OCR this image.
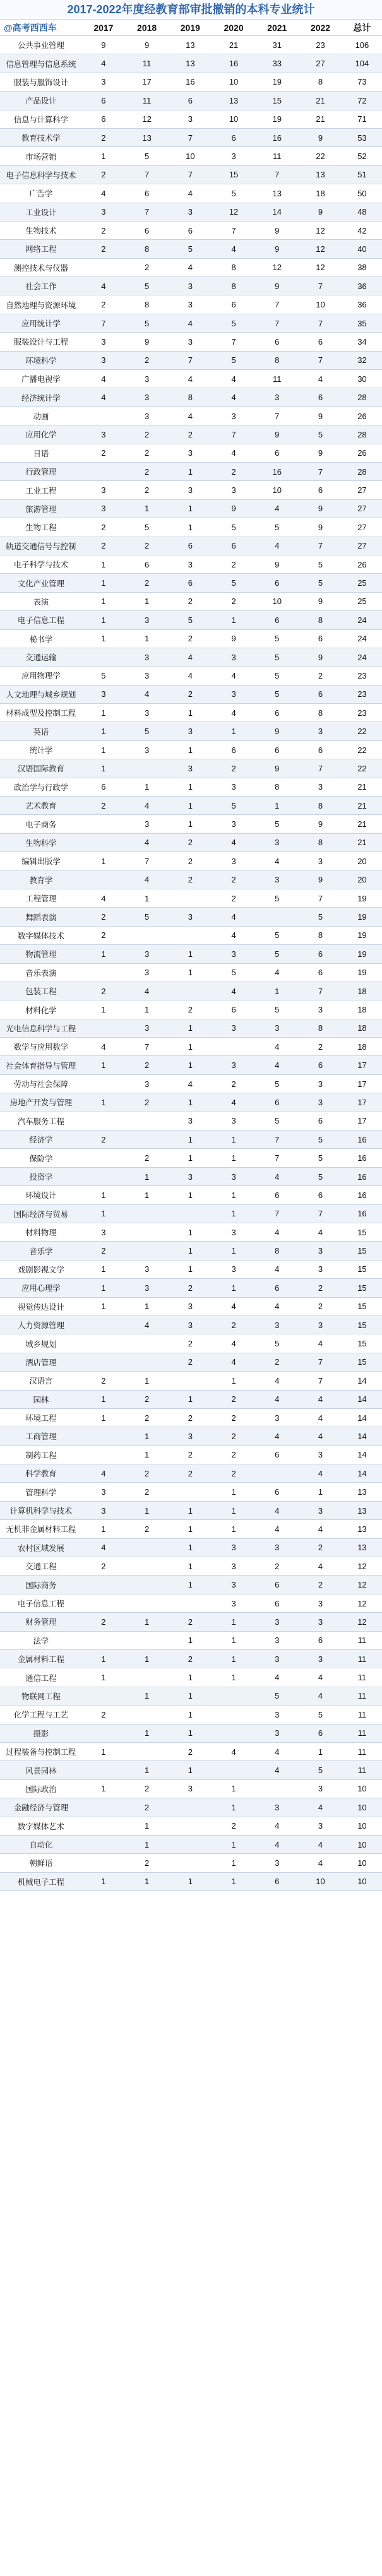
2017-2022年度经教育部审批撤销的本科专业统计
@高考西西车	2017	2018	2019	2020	2021	2022	总计
公共事业管理	9	9	13	21	31	23	106
信息管理与信息系统	4	11	13	16	33	27	104
服装与服饰设计	3	17	16	10	19	8	73
产品设计	6	11	6	13	15	21	72
信息与计算科学	6	12	3	10	19	21	71
教育技术学	2	13	7	6	16	9	53
市场营销	1	5	10	3	11	22	52
电子信息科学与技术	2	7	7	15	7	13	51
广告学	4	6	4	5	13	18	50
工业设计	3	7	3	12	14	9	48
生物技术	2	6	6	7	9	12	42
网络工程	2	8	5	4	9	12	40
测控技术与仪器		2	4	8	12	12	38
社会工作	4	5	3	8	9	7	36
自然地理与资源环境	2	8	3	6	7	10	36
应用统计学	7	5	4	5	7	7	35
服装设计与工程	3	9	3	7	6	6	34
环境科学	3	2	7	5	8	7	32
广播电视学	4	3	4	4	11	4	30
经济统计学	4	3	8	4	3	6	28
动画		3	4	3	7	9	26
应用化学	3	2	2	7	9	5	28
日语	2	2	3	4	6	9	26
行政管理		2	1	2	16	7	28
工业工程	3	2	3	3	10	6	27
旅游管理	3	1	1	9	4	9	27
生物工程	2	5	1	5	5	9	27
轨道交通信号与控制	2	2	6	6	4	7	27
电子科学与技术	1	6	3	2	9	5	26
文化产业管理	1	2	6	5	6	5	25
表演	1	1	2	2	10	9	25
电子信息工程	1	3	5	1	6	8	24
秘书学	1	1	2	9	5	6	24
交通运输		3	4	3	5	9	24
应用物理学	5	3	4	4	5	2	23
人文地理与城乡规划	3	4	2	3	5	6	23
材料成型及控制工程	1	3	1	4	6	8	23
英语	1	5	3	1	9	3	22
统计学	1	3	1	6	6	6	22
汉语国际教育	1		3	2	9	7	22
政治学与行政学	6	1	1	3	8	3	21
艺术教育	2	4	1	5	1	8	21
电子商务		3	1	3	5	9	21
生物科学		4	2	4	3	8	21
编辑出版学	1	7	2	3	4	3	20
教育学		4	2	2	3	9	20
工程管理	4	1		2	5	7	19
舞蹈表演	2	5	3	4		5	19
数字媒体技术	2			4	5	8	19
物流管理	1	3	1	3	5	6	19
音乐表演		3	1	5	4	6	19
包装工程	2	4		4	1	7	18
材料化学	1	1	2	6	5	3	18
光电信息科学与工程		3	1	3	3	8	18
数学与应用数学	4	7	1		4	2	18
社会体育指导与管理	1	2	1	3	4	6	17
劳动与社会保障		3	4	2	5	3	17
房地产开发与管理	1	2	1	4	6	3	17
汽车服务工程			3	3	5	6	17
经济学	2		1	1	7	5	16
保险学		2	1	1	7	5	16
投资学		1	3	3	4	5	16
环境设计	1	1	1	1	6	6	16
国际经济与贸易	1			1	7	7	16
材料物理	3		1	3	4	4	15
音乐学	2		1	1	8	3	15
戏剧影视文学	1	3	1	3	4	3	15
应用心理学	1	3	2	1	6	2	15
视觉传达设计	1	1	3	4	4	2	15
人力资源管理		4	3	2	3	3	15
城乡规划			2	4	5	4	15
酒店管理			2	4	2	7	15
汉语言	2	1		1	4	7	14
园林	1	2	1	2	4	4	14
环境工程	1	2	2	2	3	4	14
工商管理		1	3	2	4	4	14
制药工程		1	2	2	6	3	14
科学教育	4	2	2	2		4	14
管理科学	3	2		1	6	1	13
计算机科学与技术	3	1	1	1	4	3	13
无机非金属材料工程	1	2	1	1	4	4	13
农村区域发展	4		1	3	3	2	13
交通工程	2		1	3	2	4	12
国际商务			1	3	6	2	12
电子信息工程				3	6	3	12
财务管理	2	1	2	1	3	3	12
法学			1	1	3	6	11
金属材料工程	1	1	2	1	3	3	11
通信工程	1		1	1	4	4	11
物联网工程		1	1		5	4	11
化学工程与工艺	2		1		3	5	11
摄影		1	1		3	6	11
过程装备与控制工程	1		2	4	4	1	11
风景园林		1	1		4	5	11
国际政治	1	2	3	1		3	10
金融经济与管理		2		1	3	4	10
数字媒体艺术		1		2	4	3	10
自动化		1		1	4	4	10
朝鲜语		2		1	3	4	10
机械电子工程	1	1	1	1	6	10	10
